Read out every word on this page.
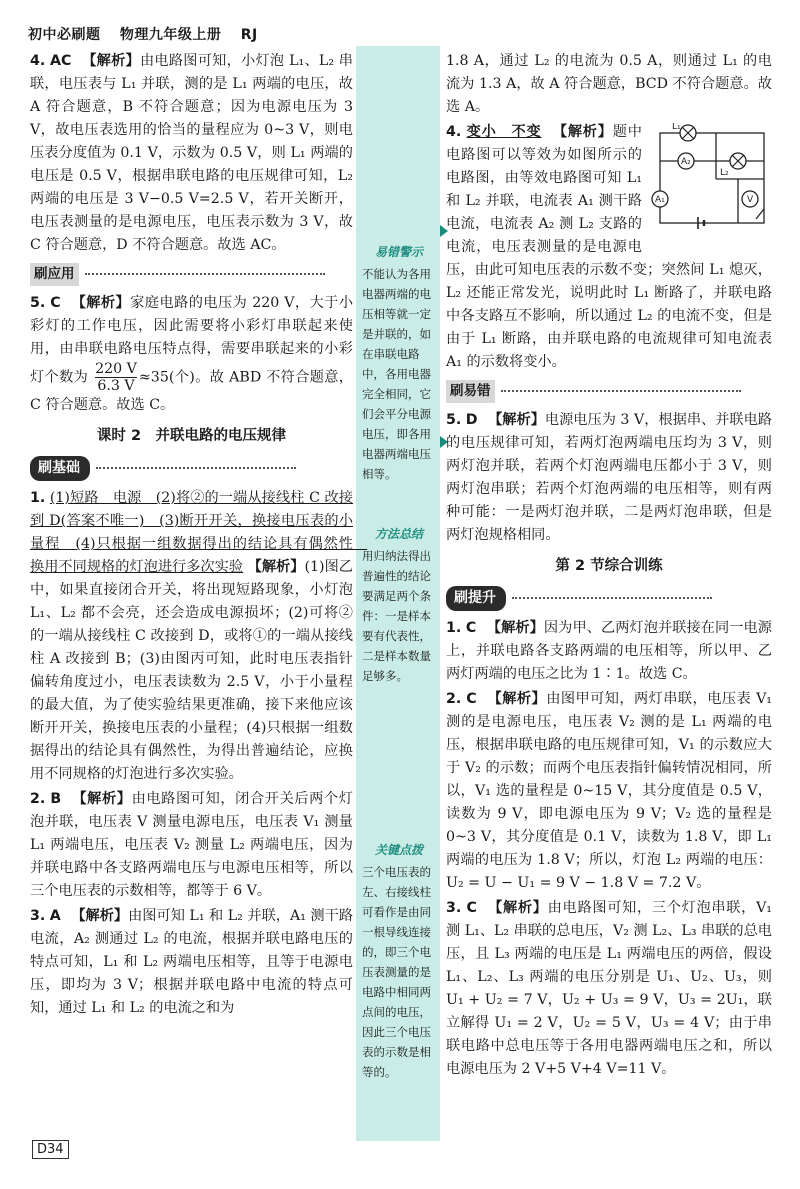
初中必刷题 物理九年级上册 RJ
易错警示
不能认为各用电器两端的电压相等就一定是并联的，如在串联电路中，各用电器完全相同，它们会平分电源电压，即各用电器两端电压相等。
方法总结
用归纳法得出普遍性的结论要满足两个条件：一是样本要有代表性，二是样本数量足够多。
关键点拨
三个电压表的左、右接线柱可看作是由同一根导线连接的，即三个电压表测量的是电路中相同两点间的电压，因此三个电压表的示数是相等的。

4. AC 【解析】由电路图可知，小灯泡 L₁、L₂ 串联，电压表与 L₁ 并联，测的是 L₁ 两端的电压，故 A 符合题意，B 不符合题意；因为电源电压为 3 V，故电压表选用的恰当的量程应为 0~3 V，则电压表分度值为 0.1 V，示数为 0.5 V，则 L₁ 两端的电压是 0.5 V，根据串联电路的电压规律可知，L₂ 两端的电压是 3 V−0.5 V=2.5 V，若开关断开，电压表测量的是电源电压，电压表示数为 3 V，故 C 符合题意，D 不符合题意。故选 AC。

刷应用

5. C 【解析】家庭电路的电压为 220 V，大于小彩灯的工作电压，因此需要将小彩灯串联起来使用，由串联电路电压特点得，需要串联起来的小彩灯个数为 $\frac{220 V}{6.3 V} \approx 35$(个)。故 ABD 不符合题意，C 符合题意。故选 C。

课时 2　并联电路的电压规律
刷基础

1. (1)短路　电源　(2)将②的一端从接线柱 C 改接到 D(答案不唯一)　(3)断开开关，换接电压表的小量程　(4)只根据一组数据得出的结论具有偶然性　换用不同规格的灯泡进行多次实验 【解析】(1)图乙中，如果直接闭合开关，将出现短路现象，小灯泡 L₁、L₂ 都不会亮，还会造成电源损坏；(2)可将②的一端从接线柱 C 改接到 D，或将①的一端从接线柱 A 改接到 B；(3)由图丙可知，此时电压表指针偏转角度过小，电压表读数为 2.5 V，小于小量程的最大值，为了使实验结果更准确，接下来他应该断开开关，换接电压表的小量程；(4)只根据一组数据得出的结论具有偶然性，为得出普遍结论，应换用不同规格的灯泡进行多次实验。

2. B 【解析】由电路图可知，闭合开关后两个灯泡并联，电压表 V 测量电源电压，电压表 V₁ 测量 L₁ 两端电压，电压表 V₂ 测量 L₂ 两端电压，因为并联电路中各支路两端电压与电源电压相等，所以三个电压表的示数相等，都等于 6 V。

3. A 【解析】由图可知 L₁ 和 L₂ 并联，A₁ 测干路电流，A₂ 测通过 L₂ 的电流，根据并联电路电压的特点可知，L₁ 和 L₂ 两端电压相等，且等于电源电压，即均为 3 V；根据并联电路中电流的特点可知，通过 L₁ 和 L₂ 的电流之和为

1.8 A，通过 L₂ 的电流为 0.5 A，则通过 L₁ 的电流为 1.3 A，故 A 符合题意，BCD 不符合题意。故选 A。

L₁
A₂
L₂
V
A₁
4. 变小　不变 【解析】题中电路图可以等效为如图所示的电路图，由等效电路图可知 L₁ 和 L₂ 并联，电流表 A₁ 测干路电流，电流表 A₂ 测 L₂ 支路的电流，电压表测量的是电源电压，由此可知电压表的示数不变；突然间 L₁ 熄灭，L₂ 还能正常发光，说明此时 L₁ 断路了，并联电路中各支路互不影响，所以通过 L₂ 的电流不变，但是由于 L₁ 断路，由并联电路的电流规律可知电流表 A₁ 的示数将变小。
刷易错

5. D 【解析】电源电压为 3 V，根据串、并联电路的电压规律可知，若两灯泡两端电压均为 3 V，则两灯泡并联，若两个灯泡两端电压都小于 3 V，则两灯泡串联；若两个灯泡两端的电压相等，则有两种可能：一是两灯泡并联，二是两灯泡串联，但是两灯泡规格相同。

第 2 节综合训练
刷提升

1. C 【解析】因为甲、乙两灯泡并联接在同一电源上，并联电路各支路两端的电压相等，所以甲、乙两灯两端的电压之比为 1∶1。故选 C。

2. C 【解析】由图甲可知，两灯串联，电压表 V₁ 测的是电源电压，电压表 V₂ 测的是 L₁ 两端的电压，根据串联电路的电压规律可知，V₁ 的示数应大于 V₂ 的示数；而两个电压表指针偏转情况相同，所以，V₁ 选的量程是 0~15 V，其分度值是 0.5 V，读数为 9 V，即电源电压为 9 V；V₂ 选的量程是 0~3 V，其分度值是 0.1 V，读数为 1.8 V，即 L₁ 两端的电压为 1.8 V；所以，灯泡 L₂ 两端的电压：U₂ = U − U₁ = 9 V − 1.8 V = 7.2 V。

3. C 【解析】由电路图可知，三个灯泡串联，V₁ 测 L₁、L₂ 串联的总电压，V₂ 测 L₂、L₃ 串联的总电压，且 L₃ 两端的电压是 L₁ 两端电压的两倍，假设 L₁、L₂、L₃ 两端的电压分别是 U₁、U₂、U₃，则 U₁ + U₂ = 7 V，U₂ + U₃ = 9 V，U₃ = 2U₁，联立解得 U₁ = 2 V，U₂ = 5 V，U₃ = 4 V；由于串联电路中总电压等于各用电器两端电压之和，所以电源电压为 2 V+5 V+4 V=11 V。

D34
